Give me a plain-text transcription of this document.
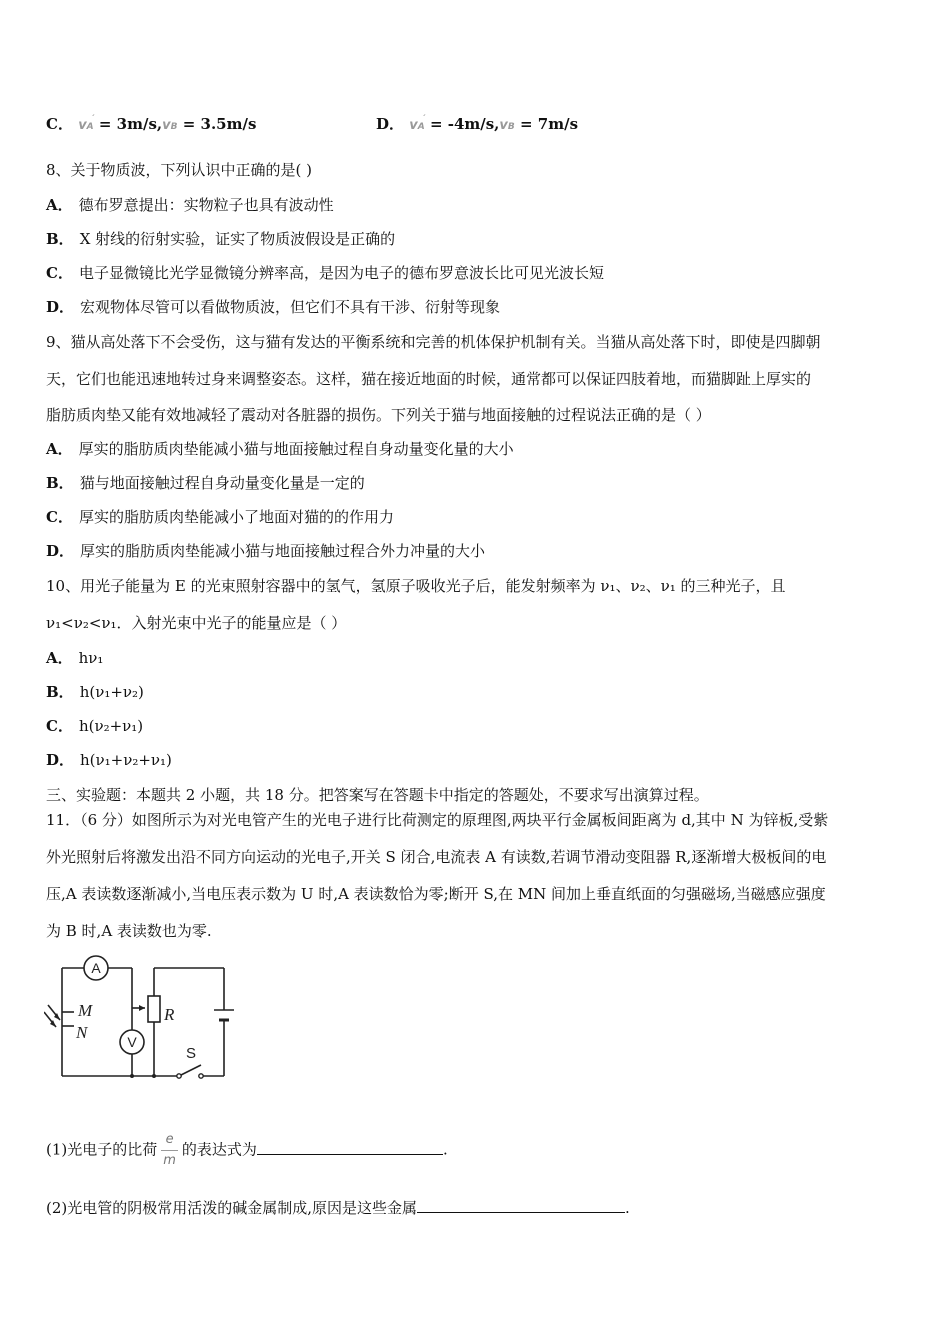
C． vA
′ = 3m/s,vB = 3.5m/s	D． vA
′ = -4m/s,vB = 7m/s
8、关于物质波，下列认识中正确的是( )
A． 德布罗意提出：实物粒子也具有波动性
B． X 射线的衍射实验，证实了物质波假设是正确的
C． 电子显微镜比光学显微镜分辨率高，是因为电子的德布罗意波长比可见光波长短
D． 宏观物体尽管可以看做物质波，但它们不具有干涉、衍射等现象
9、猫从高处落下不会受伤，这与猫有发达的平衡系统和完善的机体保护机制有关。当猫从高处落下时，即使是四脚朝
天，它们也能迅速地转过身来调整姿态。这样，猫在接近地面的时候，通常都可以保证四肢着地，而猫脚趾上厚实的
脂肪质肉垫又能有效地减轻了震动对各脏器的损伤。下列关于猫与地面接触的过程说法正确的是（ ）
A． 厚实的脂肪质肉垫能减小猫与地面接触过程自身动量变化量的大小
B． 猫与地面接触过程自身动量变化量是一定的
C． 厚实的脂肪质肉垫能减小了地面对猫的的作用力
D． 厚实的脂肪质肉垫能减小猫与地面接触过程合外力冲量的大小
10、用光子能量为 E 的光束照射容器中的氢气，氢原子吸收光子后，能发射频率为 ν₁、ν₂、ν₁ 的三种光子，且
ν₁<ν₂<ν₁．入射光束中光子的能量应是（ ）
A． hν₁
B． h(ν₁+ν₂)
C． h(ν₂+ν₁)
D． h(ν₁+ν₂+ν₁)
三、实验题：本题共 2 小题，共 18 分。把答案写在答题卡中指定的答题处，不要求写出演算过程。
11．（6 分）如图所示为对光电管产生的光电子进行比荷测定的原理图,两块平行金属板间距离为 d,其中 N 为锌板,受紫
外光照射后将激发出沿不同方向运动的光电子,开关 S 闭合,电流表 A 有读数,若调节滑动变阻器 R,逐渐增大极板间的电
压,A 表读数逐渐减小,当电压表示数为 U 时,A 表读数恰为零;断开 S,在 MN 间加上垂直纸面的匀强磁场,当磁感应强度
为 B 时,A 表读数也为零.
A
V
M
N
R
S
(1)光电子的比荷 $\frac{e}{m}$ 的表达式为	.
(2)光电管的阴极常用活泼的碱金属制成,原因是这些金属	.
